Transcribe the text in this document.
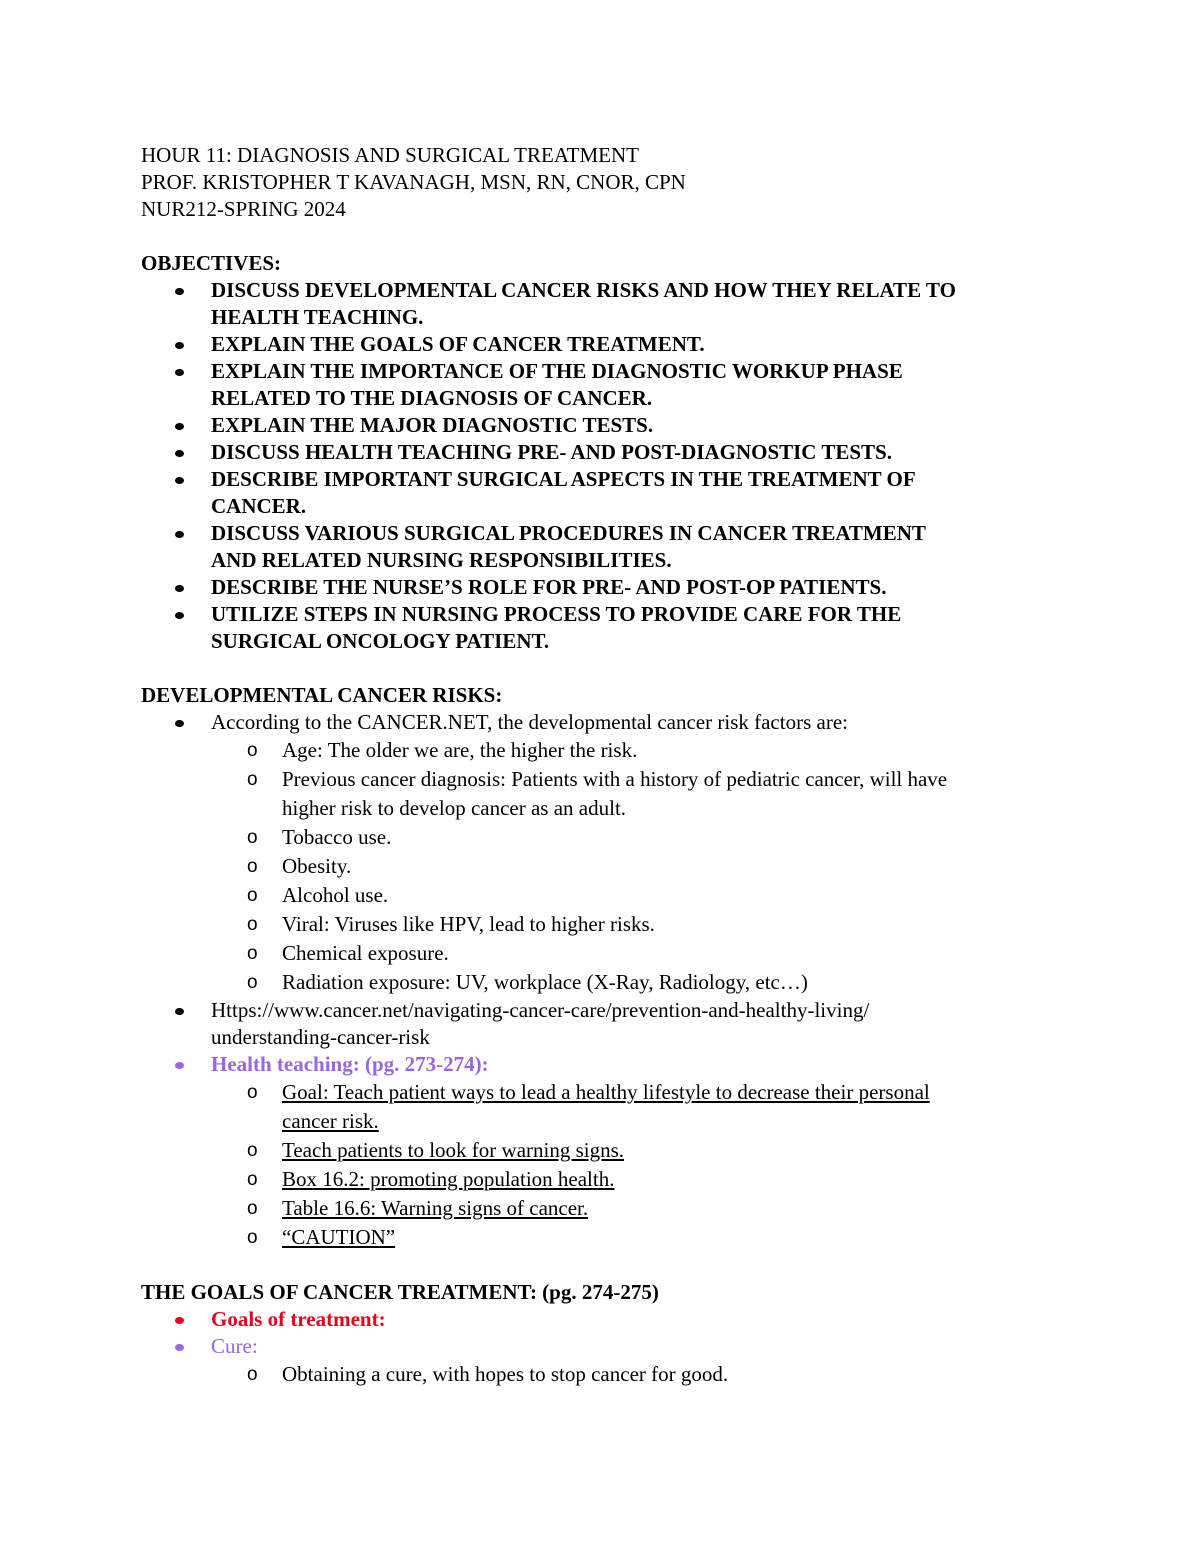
HOUR 11: DIAGNOSIS AND SURGICAL TREATMENT
PROF. KRISTOPHER T KAVANAGH, MSN, RN, CNOR, CPN
NUR212-SPRING 2024
OBJECTIVES:
DISCUSS DEVELOPMENTAL CANCER RISKS AND HOW THEY RELATE TO
HEALTH TEACHING.
EXPLAIN THE GOALS OF CANCER TREATMENT.
EXPLAIN THE IMPORTANCE OF THE DIAGNOSTIC WORKUP PHASE
RELATED TO THE DIAGNOSIS OF CANCER.
EXPLAIN THE MAJOR DIAGNOSTIC TESTS.
DISCUSS HEALTH TEACHING PRE- AND POST-DIAGNOSTIC TESTS.
DESCRIBE IMPORTANT SURGICAL ASPECTS IN THE TREATMENT OF
CANCER.
DISCUSS VARIOUS SURGICAL PROCEDURES IN CANCER TREATMENT
AND RELATED NURSING RESPONSIBILITIES.
DESCRIBE THE NURSE’S ROLE FOR PRE- AND POST-OP PATIENTS.
UTILIZE STEPS IN NURSING PROCESS TO PROVIDE CARE FOR THE
SURGICAL ONCOLOGY PATIENT.
DEVELOPMENTAL CANCER RISKS:
According to the CANCER.NET, the developmental cancer risk factors are:
o Age: The older we are, the higher the risk.
o Previous cancer diagnosis: Patients with a history of pediatric cancer, will have
higher risk to develop cancer as an adult.
o Tobacco use.
o Obesity.
o Alcohol use.
o Viral: Viruses like HPV, lead to higher risks.
o Chemical exposure.
o Radiation exposure: UV, workplace (X-Ray, Radiology, etc…)
Https://www.cancer.net/navigating-cancer-care/prevention-and-healthy-living/
understanding-cancer-risk
Health teaching: (pg. 273-274):
o Goal: Teach patient ways to lead a healthy lifestyle to decrease their personal
cancer risk.
o Teach patients to look for warning signs.
o Box 16.2: promoting population health.
o Table 16.6: Warning signs of cancer.
o “CAUTION”
THE GOALS OF CANCER TREATMENT: (pg. 274-275)
Goals of treatment:
Cure:
o Obtaining a cure, with hopes to stop cancer for good.
